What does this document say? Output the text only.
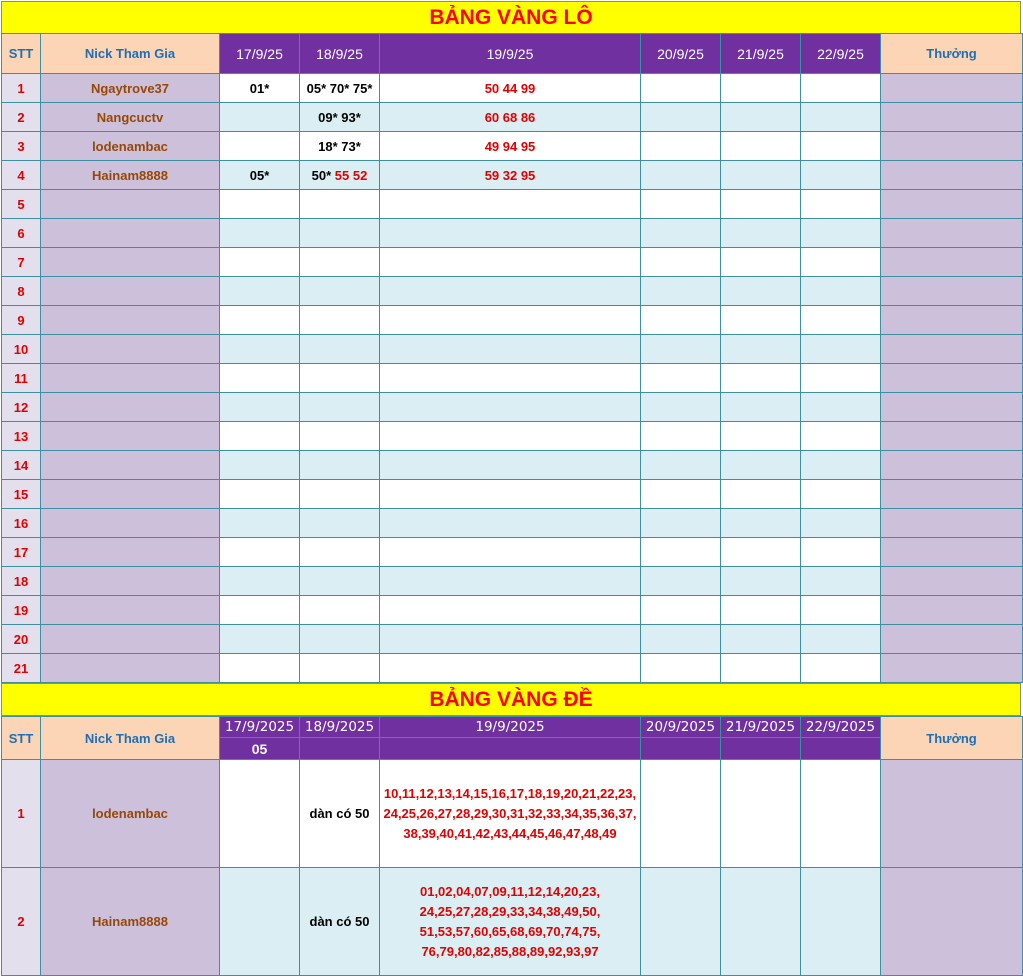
BẢNG VÀNG LÔ
STT	Nick Tham Gia	17/9/25	18/9/25	19/9/25	20/9/25	21/9/25	22/9/25	Thưởng
1	Ngaytrove37	01*	05* 70* 75*	50 44 99				
2	Nangcuctv		09* 93*	60 68 86				
3	lodenambac		18* 73*	49 94 95				
4	Hainam8888	05*	50* 55 52	59 32 95				
5								
6								
7								
8								
9								
10								
11								
12								
13								
14								
15								
16								
17								
18								
19								
20								
21								
BẢNG VÀNG ĐỀ
STT	Nick Tham Gia	17/9/2025	18/9/2025	19/9/2025	20/9/2025	21/9/2025	22/9/2025	Thưởng
		05						
1	lodenambac		dàn có 50	10,11,12,13,14,15,16,17,18,19,20,21,22,23,
24,25,26,27,28,29,30,31,32,33,34,35,36,37,
38,39,40,41,42,43,44,45,46,47,48,49				

2	Hainam8888		dàn có 50	01,02,04,07,09,11,12,14,20,23,
24,25,27,28,29,33,34,38,49,50,
51,53,57,60,65,68,69,70,74,75,
76,79,80,82,85,88,89,92,93,97				
